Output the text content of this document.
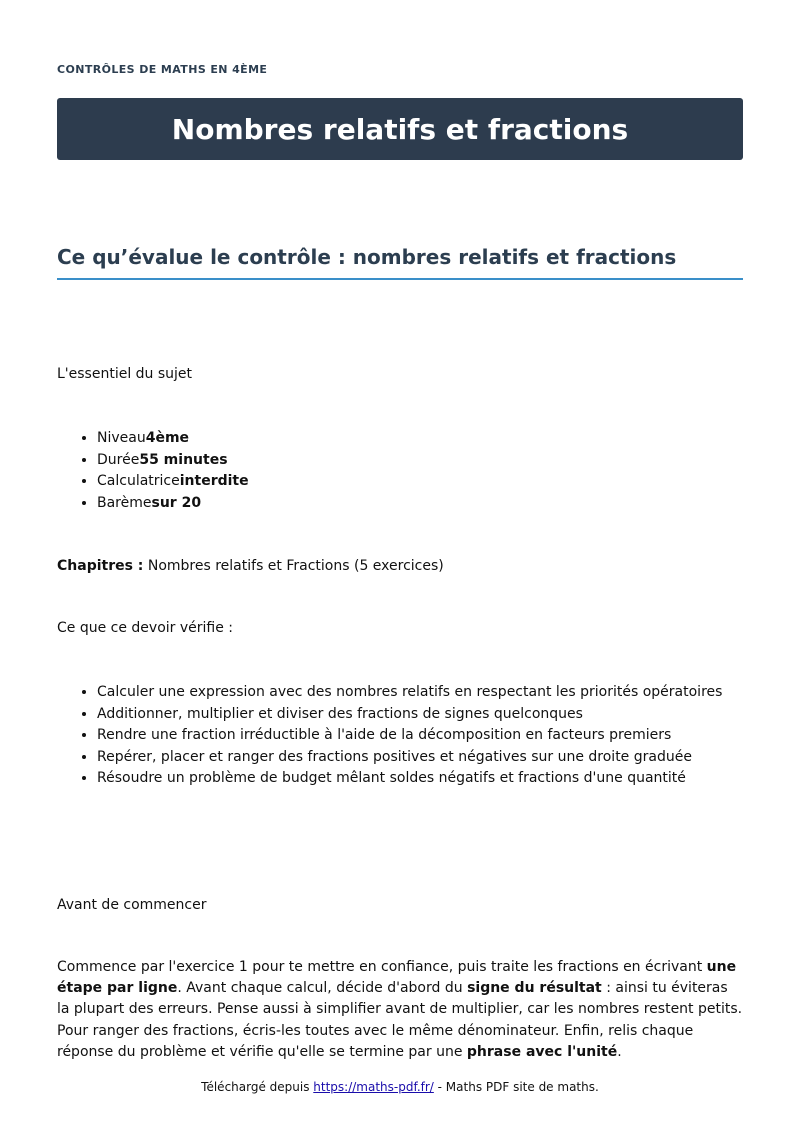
CONTRÔLES DE MATHS EN 4ÈME
Nombres relatifs et fractions
Ce qu’évalue le contrôle : nombres relatifs et fractions

L'essentiel du sujet

• Niveau4ème
• Durée55 minutes
• Calculatriceinterdite
• Barèmesur 20

Chapitres : Nombres relatifs et Fractions (5 exercices)

Ce que ce devoir vérifie :

• Calculer une expression avec des nombres relatifs en respectant les priorités opératoires
• Additionner, multiplier et diviser des fractions de signes quelconques
• Rendre une fraction irréductible à l'aide de la décomposition en facteurs premiers
• Repérer, placer et ranger des fractions positives et négatives sur une droite graduée
• Résoudre un problème de budget mêlant soldes négatifs et fractions d'une quantité

Avant de commencer

Commence par l'exercice 1 pour te mettre en confiance, puis traite les fractions en écrivant une étape par ligne. Avant chaque calcul, décide d'abord du signe du résultat : ainsi tu éviteras la plupart des erreurs. Pense aussi à simplifier avant de multiplier, car les nombres restent petits. Pour ranger des fractions, écris-les toutes avec le même dénominateur. Enfin, relis chaque réponse du problème et vérifie qu'elle se termine par une phrase avec l'unité.

Téléchargé depuis https://maths-pdf.fr/ - Maths PDF site de maths.
